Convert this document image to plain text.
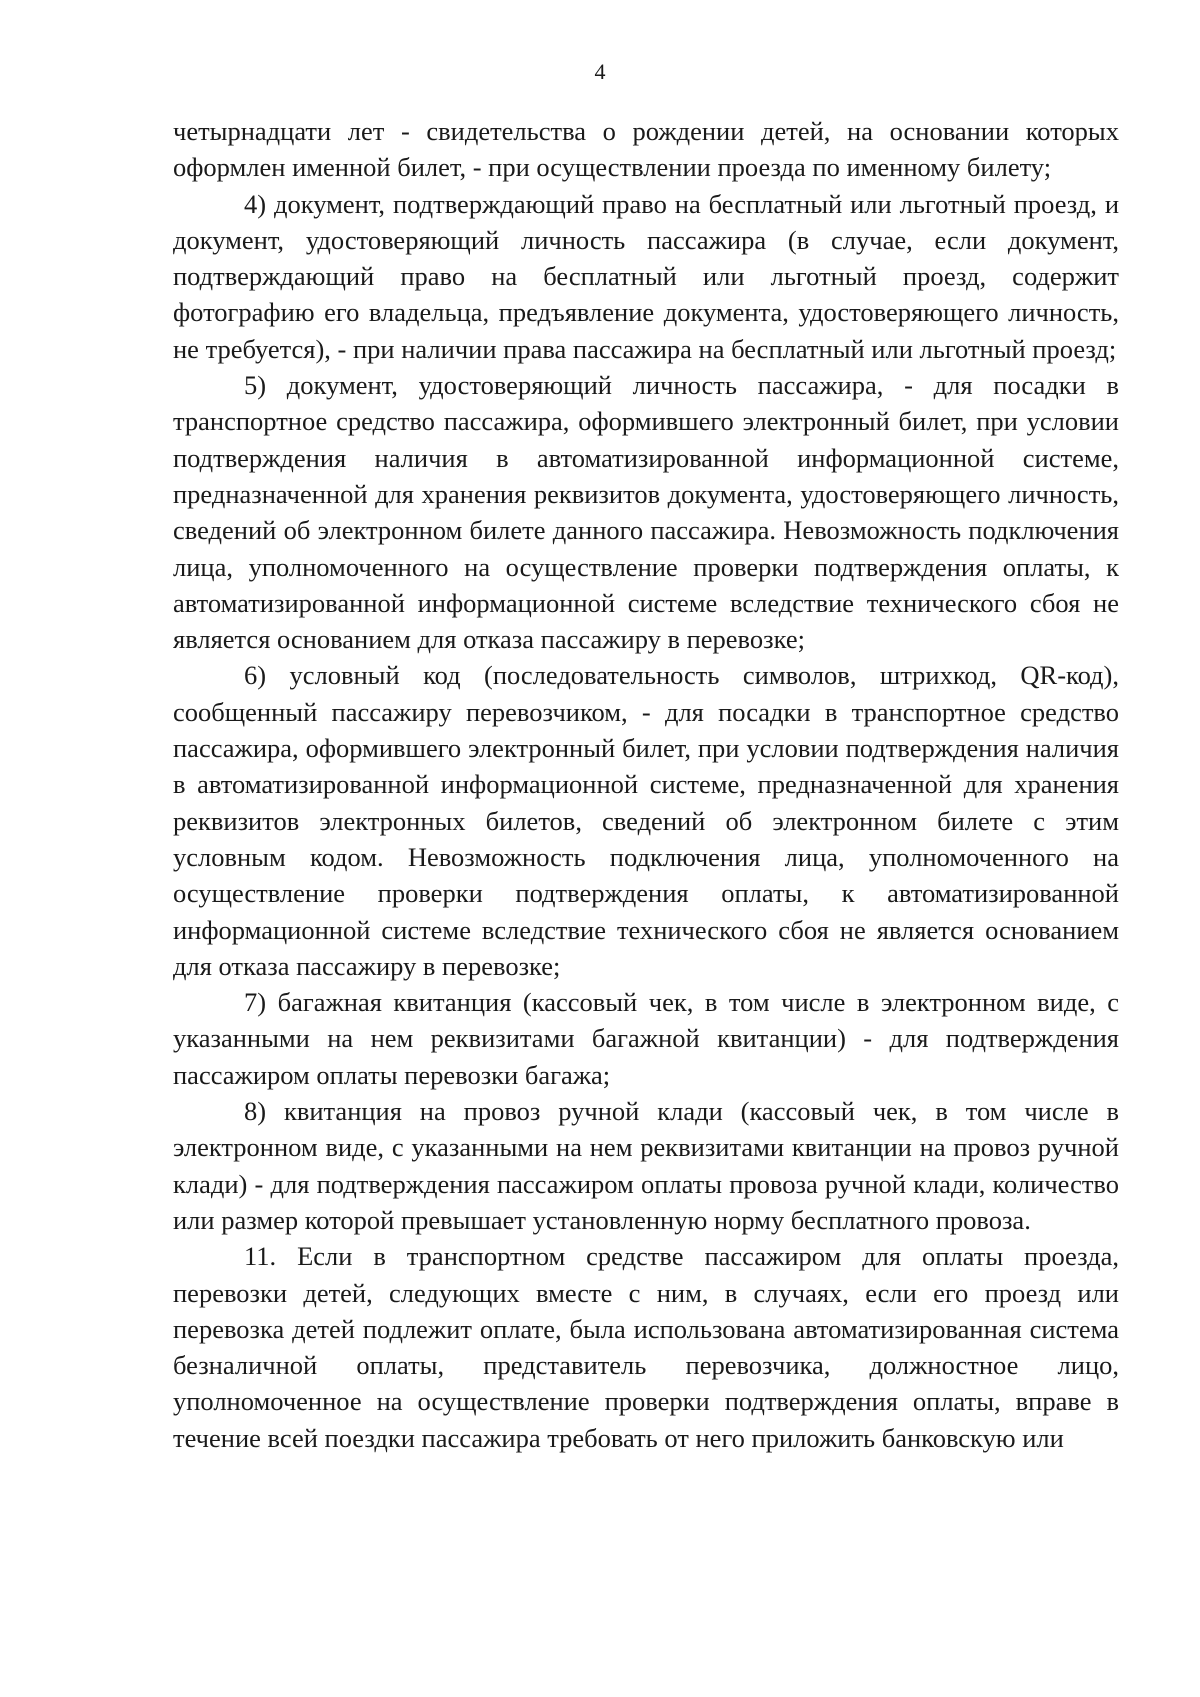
4

четырнадцати лет - свидетельства о рождении детей, на основании которых оформлен именной билет, - при осуществлении проезда по именному билету;

4) документ, подтверждающий право на бесплатный или льготный проезд, и документ, удостоверяющий личность пассажира (в случае, если документ, подтверждающий право на бесплатный или льготный проезд, содержит фотографию его владельца, предъявление документа, удостоверяющего личность, не требуется), - при наличии права пассажира на бесплатный или льготный проезд;

5) документ, удостоверяющий личность пассажира, - для посадки в транспортное средство пассажира, оформившего электронный билет, при условии подтверждения наличия в автоматизированной информационной системе, предназначенной для хранения реквизитов документа, удостоверяющего личность, сведений об электронном билете данного пассажира. Невозможность подключения лица, уполномоченного на осуществление проверки подтверждения оплаты, к автоматизированной информационной системе вследствие технического сбоя не является основанием для отказа пассажиру в перевозке;

6) условный код (последовательность символов, штрихкод, QR-код), сообщенный пассажиру перевозчиком, - для посадки в транспортное средство пассажира, оформившего электронный билет, при условии подтверждения наличия в автоматизированной информационной системе, предназначенной для хранения реквизитов электронных билетов, сведений об электронном билете с этим условным кодом. Невозможность подключения лица, уполномоченного на осуществление проверки подтверждения оплаты, к автоматизированной информационной системе вследствие технического сбоя не является основанием для отказа пассажиру в перевозке;

7) багажная квитанция (кассовый чек, в том числе в электронном виде, с указанными на нем реквизитами багажной квитанции) - для подтверждения пассажиром оплаты перевозки багажа;

8) квитанция на провоз ручной клади (кассовый чек, в том числе в электронном виде, с указанными на нем реквизитами квитанции на провоз ручной клади) - для подтверждения пассажиром оплаты провоза ручной клади, количество или размер которой превышает установленную норму бесплатного провоза.

11. Если в транспортном средстве пассажиром для оплаты проезда, перевозки детей, следующих вместе с ним, в случаях, если его проезд или перевозка детей подлежит оплате, была использована автоматизированная система безналичной оплаты, представитель перевозчика, должностное лицо, уполномоченное на осуществление проверки подтверждения оплаты, вправе в течение всей поездки пассажира требовать от него приложить банковскую или
